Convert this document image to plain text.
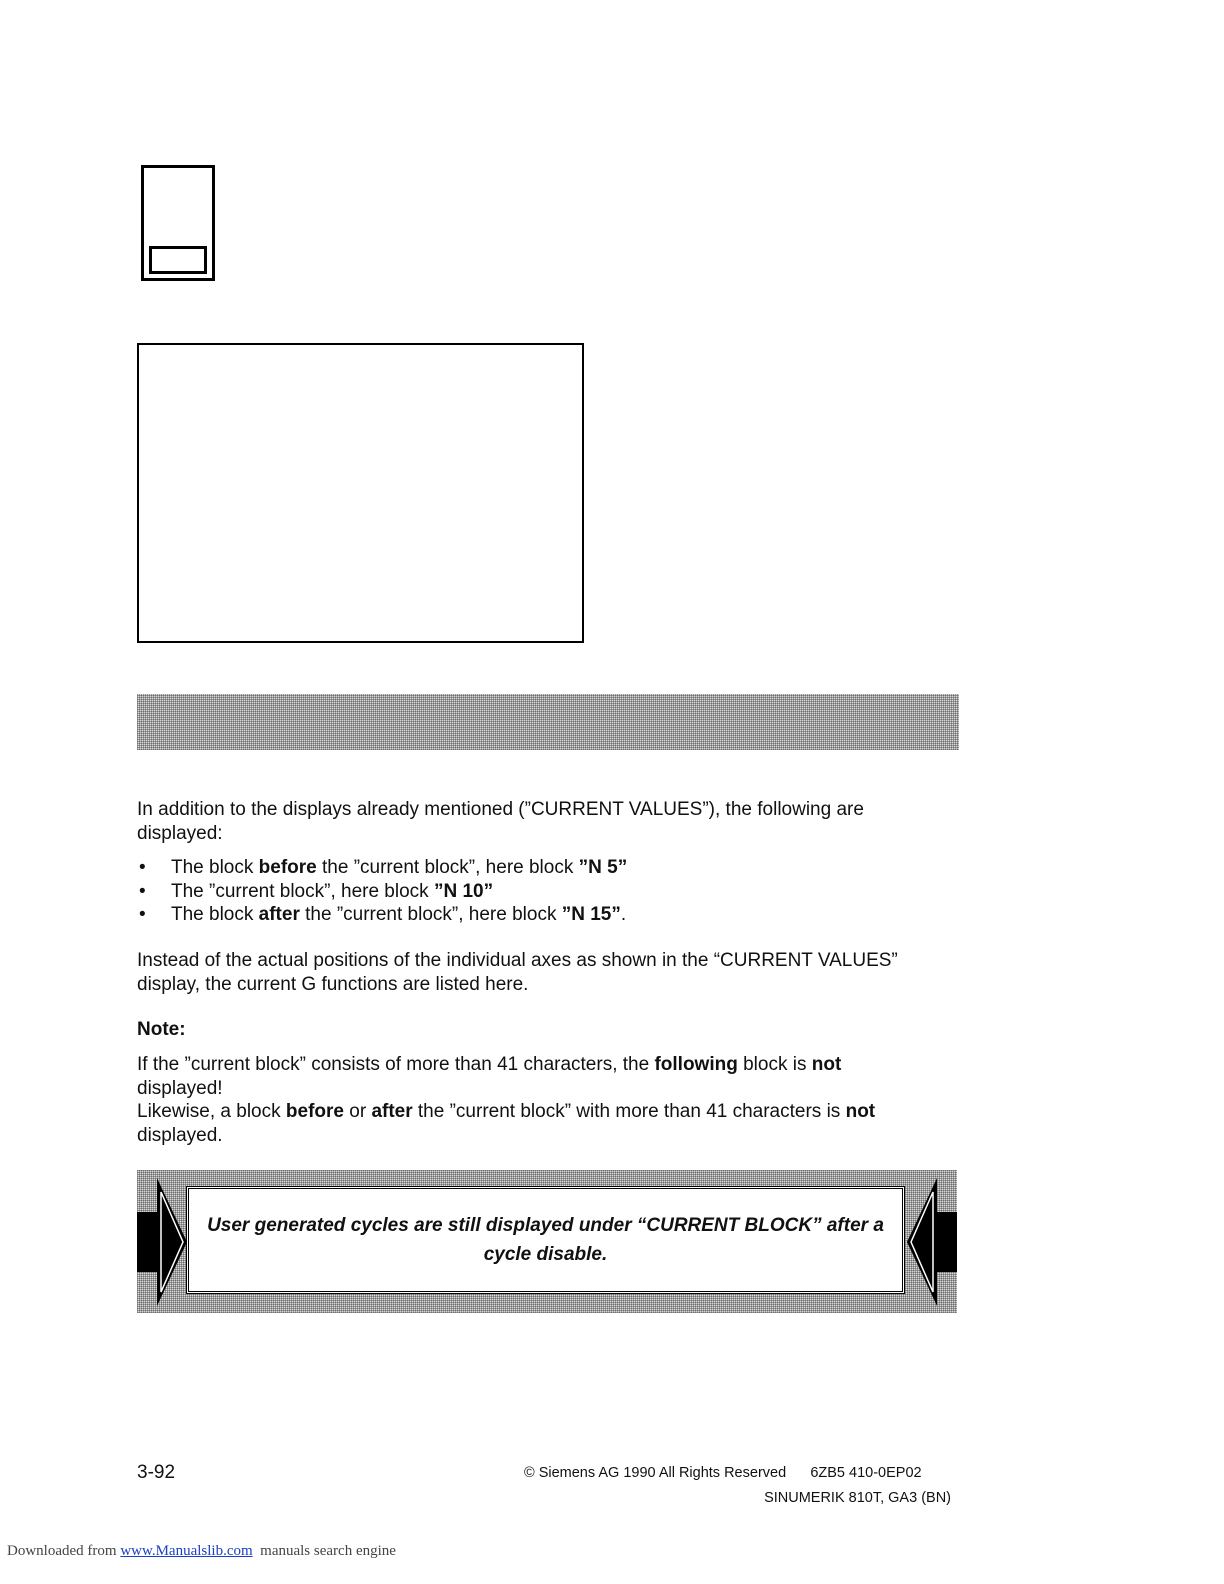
In addition to the displays already mentioned (”CURRENT VALUES”), the following are displayed:
• The block before the ”current block”, here block ”N 5”
• The ”current block”, here block ”N 10”
• The block after the ”current block”, here block ”N 15”.
Instead of the actual positions of the individual axes as shown in the “CURRENT VALUES” display, the current G functions are listed here.
Note:
If the ”current block” consists of more than 41 characters, the following block is not displayed!
Likewise, a block before or after the ”current block” with more than 41 characters is not displayed.
User generated cycles are still displayed under “CURRENT BLOCK” after a cycle disable.
3-92	© Siemens AG 1990 All Rights Reserved 6ZB5 410-0EP02
SINUMERIK 810T, GA3 (BN)
Downloaded from www.Manualslib.com  manuals search engine
